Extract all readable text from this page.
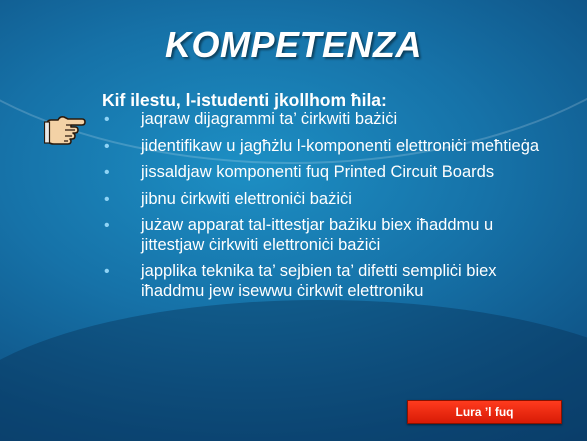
KOMPETENZA
Kif ilestu, l-istudenti jkollhom ħila:
• jaqraw dijagrammi ta’ ċirkwiti bażiċi
• jidentifikaw u jagħżlu l-komponenti elettroniċi meħtieġa
• jissaldjaw komponenti fuq Printed Circuit Boards
• jibnu ċirkwiti elettroniċi bażiċi
• jużaw apparat tal-ittestjar bażiku biex iħaddmu u jittestjaw ċirkwiti elettroniċi bażiċi
• japplika teknika ta’ sejbien ta’ difetti sempliċi biex iħaddmu jew isewwu ċirkwit elettroniku
Lura ’l fuq
